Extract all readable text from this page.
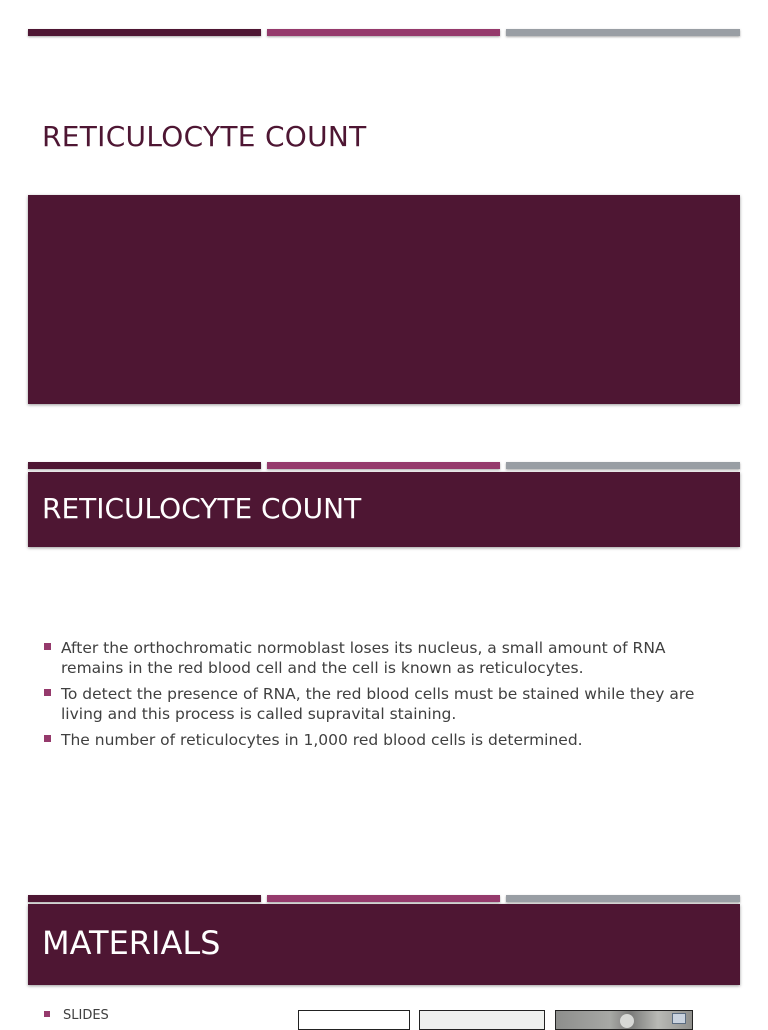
RETICULOCYTE COUNT
RETICULOCYTE COUNT
After the orthochromatic normoblast loses its nucleus, a small amount of RNA remains in the red blood cell and the cell is known as reticulocytes.
To detect the presence of RNA, the red blood cells must be stained while they are living and this process is called supravital staining.
The number of reticulocytes in 1,000 red blood cells is determined.
MATERIALS
SLIDES
